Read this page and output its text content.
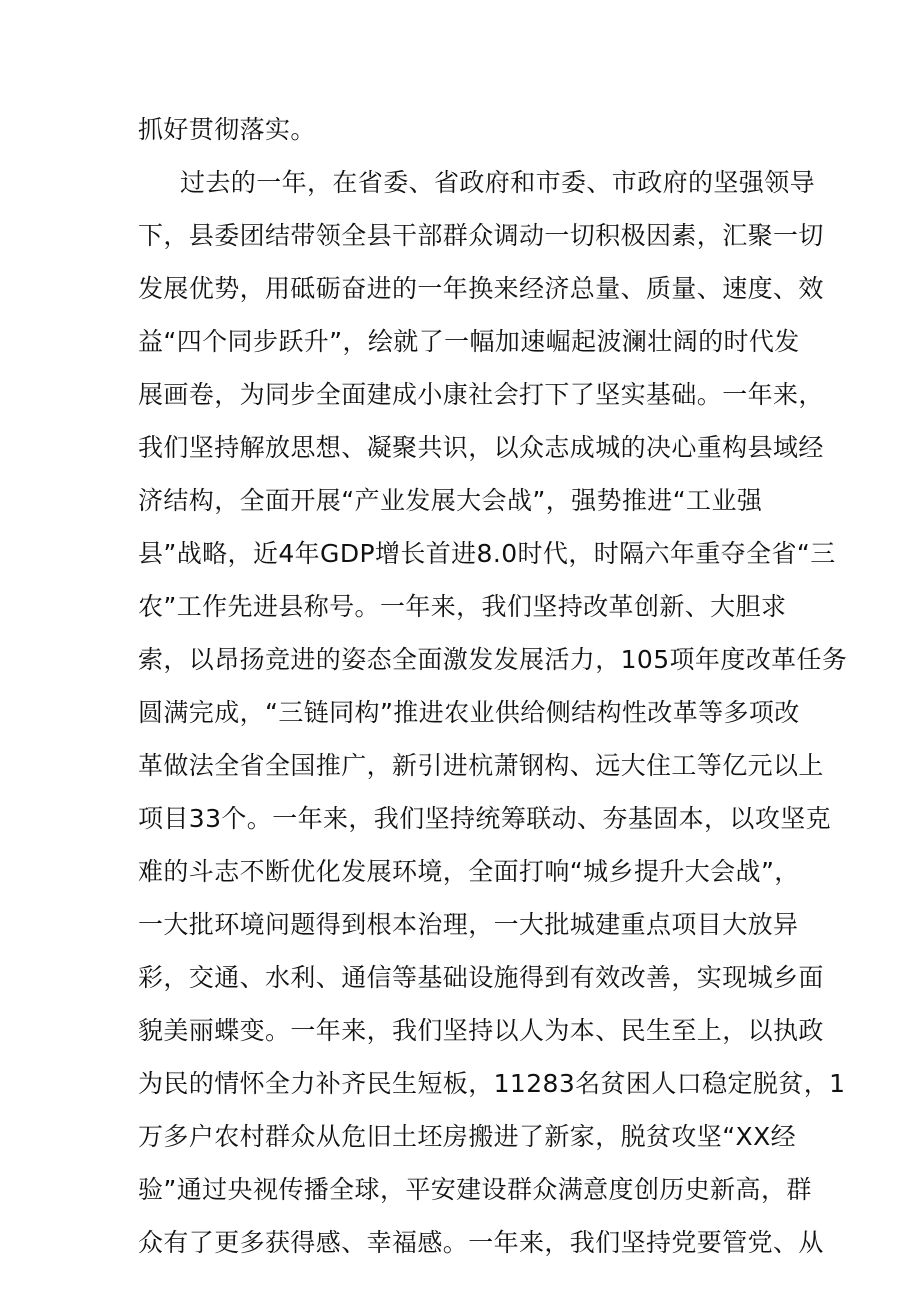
抓好贯彻落实。
过去的一年，在省委、省政府和市委、市政府的坚强领导
下，县委团结带领全县干部群众调动一切积极因素，汇聚一切
发展优势，用砥砺奋进的一年换来经济总量、质量、速度、效
益“四个同步跃升”，绘就了一幅加速崛起波澜壮阔的时代发
展画卷，为同步全面建成小康社会打下了坚实基础。一年来，
我们坚持解放思想、凝聚共识，以众志成城的决心重构县域经
济结构，全面开展“产业发展大会战”，强势推进“工业强
县”战略，近4年GDP增长首进8.0时代，时隔六年重夺全省“三
农”工作先进县称号。一年来，我们坚持改革创新、大胆求
索，以昂扬竞进的姿态全面激发发展活力，105项年度改革任务
圆满完成，“三链同构”推进农业供给侧结构性改革等多项改
革做法全省全国推广，新引进杭萧钢构、远大住工等亿元以上
项目33个。一年来，我们坚持统筹联动、夯基固本，以攻坚克
难的斗志不断优化发展环境，全面打响“城乡提升大会战”，
一大批环境问题得到根本治理，一大批城建重点项目大放异
彩，交通、水利、通信等基础设施得到有效改善，实现城乡面
貌美丽蝶变。一年来，我们坚持以人为本、民生至上，以执政
为民的情怀全力补齐民生短板，11283名贫困人口稳定脱贫，1
万多户农村群众从危旧土坯房搬进了新家，脱贫攻坚“XX经
验”通过央视传播全球，平安建设群众满意度创历史新高，群
众有了更多获得感、幸福感。一年来，我们坚持党要管党、从
